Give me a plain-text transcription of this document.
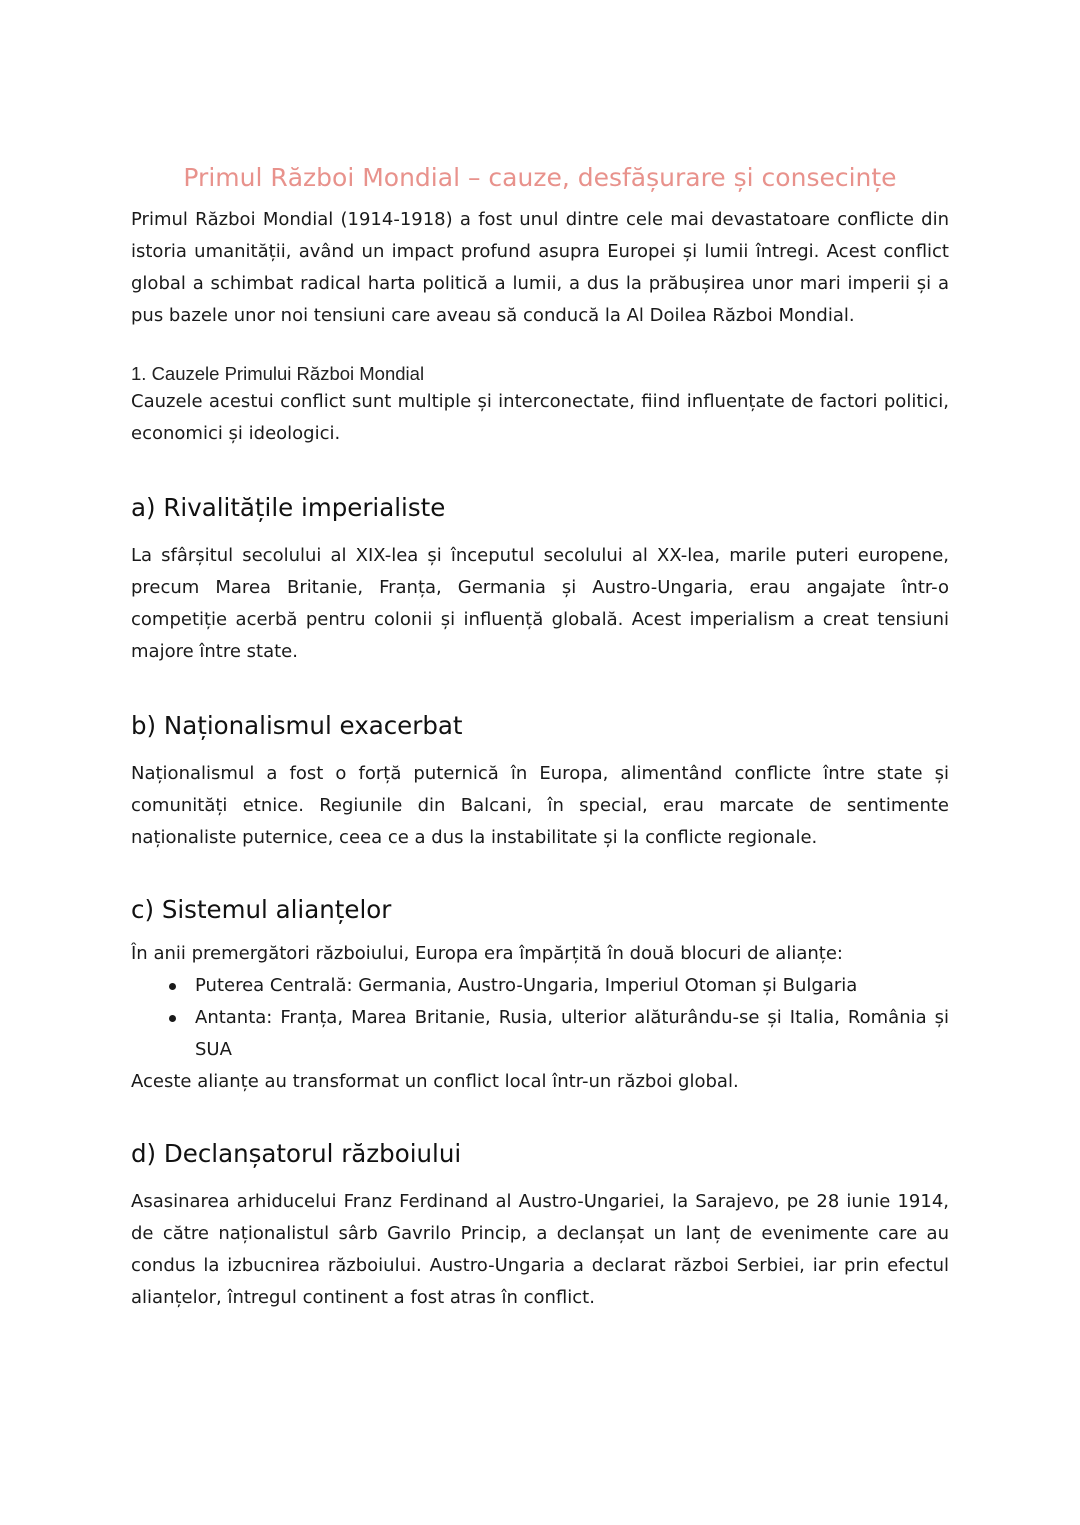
Primul Război Mondial – cauze, desfășurare și consecințe

Primul Război Mondial (1914-1918) a fost unul dintre cele mai devastatoare conflicte din istoria umanității, având un impact profund asupra Europei și lumii întregi. Acest conflict global a schimbat radical harta politică a lumii, a dus la prăbușirea unor mari imperii și a pus bazele unor noi tensiuni care aveau să conducă la Al Doilea Război Mondial.

1. Cauzele Primului Război Mondial

Cauzele acestui conflict sunt multiple și interconectate, fiind influențate de factori politici, economici și ideologici.

a) Rivalitățile imperialiste

La sfârșitul secolului al XIX-lea și începutul secolului al XX-lea, marile puteri europene, precum Marea Britanie, Franța, Germania și Austro-Ungaria, erau angajate într-o competiție acerbă pentru colonii și influență globală. Acest imperialism a creat tensiuni majore între state.

b) Naționalismul exacerbat

Naționalismul a fost o forță puternică în Europa, alimentând conflicte între state și comunități etnice. Regiunile din Balcani, în special, erau marcate de sentimente naționaliste puternice, ceea ce a dus la instabilitate și la conflicte regionale.

c) Sistemul alianțelor

În anii premergători războiului, Europa era împărțită în două blocuri de alianțe:

Puterea Centrală: Germania, Austro-Ungaria, Imperiul Otoman și Bulgaria
Antanta: Franța, Marea Britanie, Rusia, ulterior alăturându-se și Italia, România și SUA

Aceste alianțe au transformat un conflict local într-un război global.

d) Declanșatorul războiului

Asasinarea arhiducelui Franz Ferdinand al Austro-Ungariei, la Sarajevo, pe 28 iunie 1914, de către naționalistul sârb Gavrilo Princip, a declanșat un lanț de evenimente care au condus la izbucnirea războiului. Austro-Ungaria a declarat război Serbiei, iar prin efectul alianțelor, întregul continent a fost atras în conflict.
